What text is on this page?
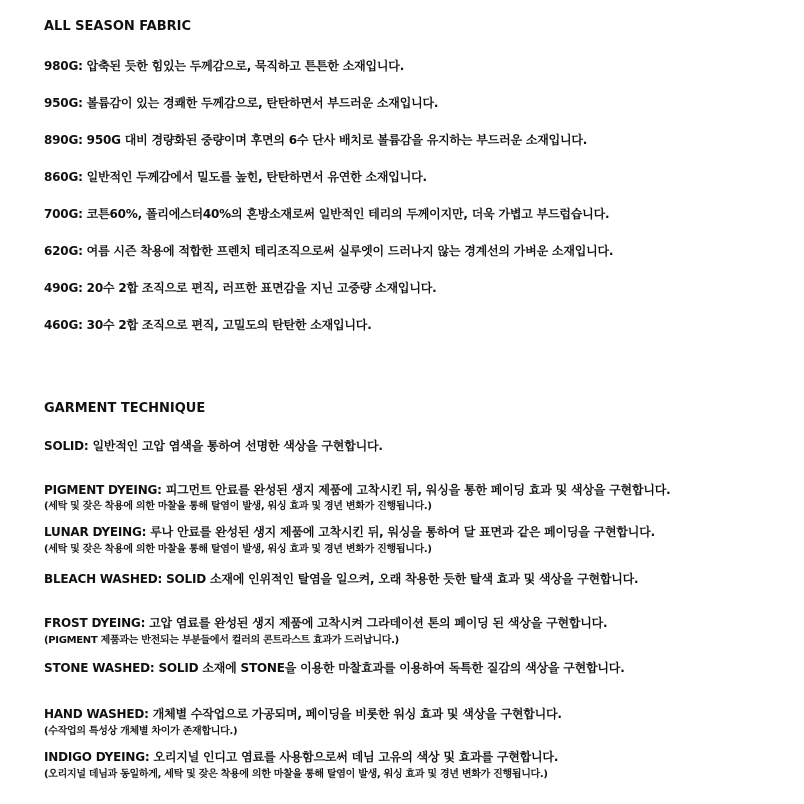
ALL SEASON FABRIC
980G: 압축된 듯한 힘있는 두께감으로, 묵직하고 튼튼한 소재입니다.
950G: 볼륨감이 있는 경쾌한 두께감으로, 탄탄하면서 부드러운 소재입니다.
890G: 950G 대비 경량화된 중량이며 후면의 6수 단사 배치로 볼륨감을 유지하는 부드러운 소재입니다.
860G: 일반적인 두께감에서 밀도를 높힌, 탄탄하면서 유연한 소재입니다.
700G: 코튼60%, 폴리에스터40%의 혼방소재로써 일반적인 테리의 두께이지만, 더욱 가볍고 부드럽습니다.
620G: 여름 시즌 착용에 적합한 프렌치 테리조직으로써 실루엣이 드러나지 않는 경계선의 가벼운 소재입니다.
490G: 20수 2합 조직으로 편직, 러프한 표면감을 지닌 고중량 소재입니다.
460G: 30수 2합 조직으로 편직, 고밀도의 탄탄한 소재입니다.
GARMENT TECHNIQUE
SOLID: 일반적인 고압 염색을 통하여 선명한 색상을 구현합니다.
PIGMENT DYEING: 피그먼트 안료를 완성된 생지 제품에 고착시킨 뒤, 워싱을 통한 페이딩 효과 및 색상을 구현합니다.
(세탁 및 잦은 착용에 의한 마찰을 통해 탈염이 발생, 워싱 효과 및 경년 변화가 진행됩니다.)
LUNAR DYEING: 루나 안료를 완성된 생지 제품에 고착시킨 뒤, 워싱을 통하여 달 표면과 같은 페이딩을 구현합니다.
(세탁 및 잦은 착용에 의한 마찰을 통해 탈염이 발생, 워싱 효과 및 경년 변화가 진행됩니다.)
BLEACH WASHED: SOLID 소재에 인위적인 탈염을 일으켜, 오래 착용한 듯한 탈색 효과 및 색상을 구현합니다.
FROST DYEING: 고압 염료를 완성된 생지 제품에 고착시켜 그라데이션 톤의 페이딩 된 색상을 구현합니다.
(PIGMENT 제품과는 반전되는 부분들에서 컬러의 콘트라스트 효과가 드러납니다.)
STONE WASHED: SOLID 소재에 STONE을 이용한 마찰효과를 이용하여 독특한 질감의 색상을 구현합니다.
HAND WASHED: 개체별 수작업으로 가공되며, 페이딩을 비롯한 워싱 효과 및 색상을 구현합니다.
(수작업의 특성상 개체별 차이가 존재합니다.)
INDIGO DYEING: 오리지널 인디고 염료를 사용함으로써 데님 고유의 색상 및 효과를 구현합니다.
(오리지널 데님과 동일하게, 세탁 및 잦은 착용에 의한 마찰을 통해 탈염이 발생, 워싱 효과 및 경년 변화가 진행됩니다.)
